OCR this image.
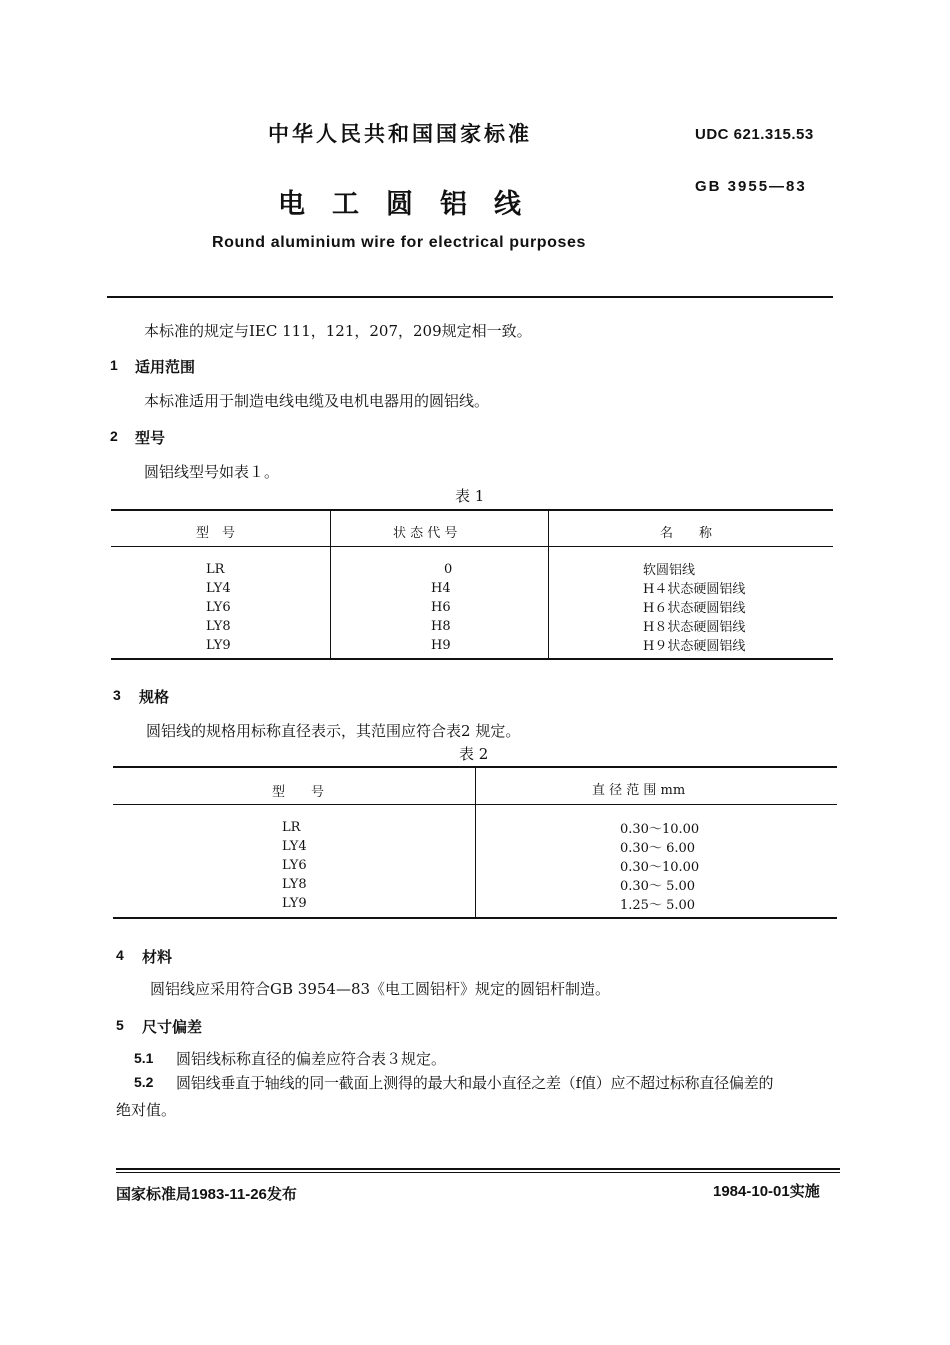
中华人民共和国国家标准	UDC 621.315.53
电工圆铝线
GB 3955—83
Round aluminium wire for electrical purposes
本标准的规定与IEC 111，121，207，209规定相一致。
1 适用范围
本标准适用于制造电线电缆及电机电器用的圆铝线。
2 型号
圆铝线型号如表１。
表 1
型　号	状 态 代 号	名　　称
LR	0	软圆铝线
LY4	H4	H４状态硬圆铝线
LY6	H6	H６状态硬圆铝线
LY8	H8	H８状态硬圆铝线
LY9	H9	H９状态硬圆铝线
3 规格
圆铝线的规格用标称直径表示，其范围应符合表2 规定。
表 2
型　　号	直 径 范 围 mm
LR	0.30～10.00
LY4	0.30～ 6.00
LY6	0.30～10.00
LY8	0.30～ 5.00
LY9	1.25～ 5.00
4 材料
圆铝线应采用符合GB 3954—83《电工圆铝杆》规定的圆铝杆制造。
5 尺寸偏差
5.1 圆铝线标称直径的偏差应符合表３规定。
5.2 圆铝线垂直于轴线的同一截面上测得的最大和最小直径之差（f值）应不超过标称直径偏差的
绝对值。
国家标准局1983-11-26发布	1984-10-01实施
